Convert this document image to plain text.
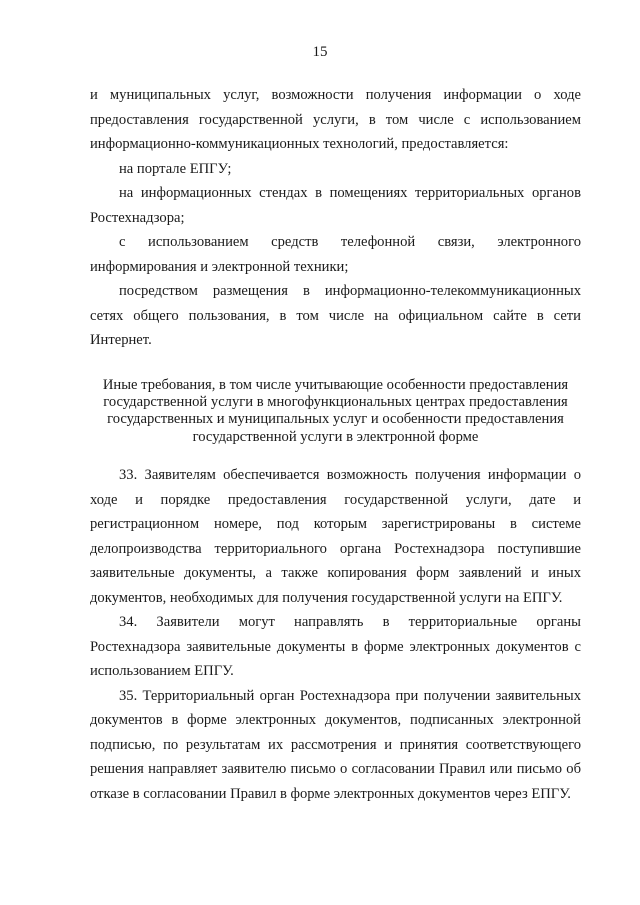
15

и муниципальных услуг, возможности получения информации о ходе предоставления государственной услуги, в том числе с использованием информационно-коммуникационных технологий, предоставляется:

на портале ЕПГУ;

на информационных стендах в помещениях территориальных органов Ростехнадзора;

с использованием средств телефонной связи, электронного информирования и электронной техники;

посредством размещения в информационно-телекоммуникационных сетях общего пользования, в том числе на официальном сайте в сети Интернет.

Иные требования, в том числе учитывающие особенности предоставления государственной услуги в многофункциональных центрах предоставления государственных и муниципальных услуг и особенности предоставления государственной услуги в электронной форме

33. Заявителям обеспечивается возможность получения информации о ходе и порядке предоставления государственной услуги, дате и регистрационном номере, под которым зарегистрированы в системе делопроизводства территориального органа Ростехнадзора поступившие заявительные документы, а также копирования форм заявлений и иных документов, необходимых для получения государственной услуги на ЕПГУ.

34. Заявители могут направлять в территориальные органы Ростехнадзора заявительные документы в форме электронных документов с использованием ЕПГУ.

35. Территориальный орган Ростехнадзора при получении заявительных документов в форме электронных документов, подписанных электронной подписью, по результатам их рассмотрения и принятия соответствующего решения направляет заявителю письмо о согласовании Правил или письмо об отказе в согласовании Правил в форме электронных документов через ЕПГУ.
